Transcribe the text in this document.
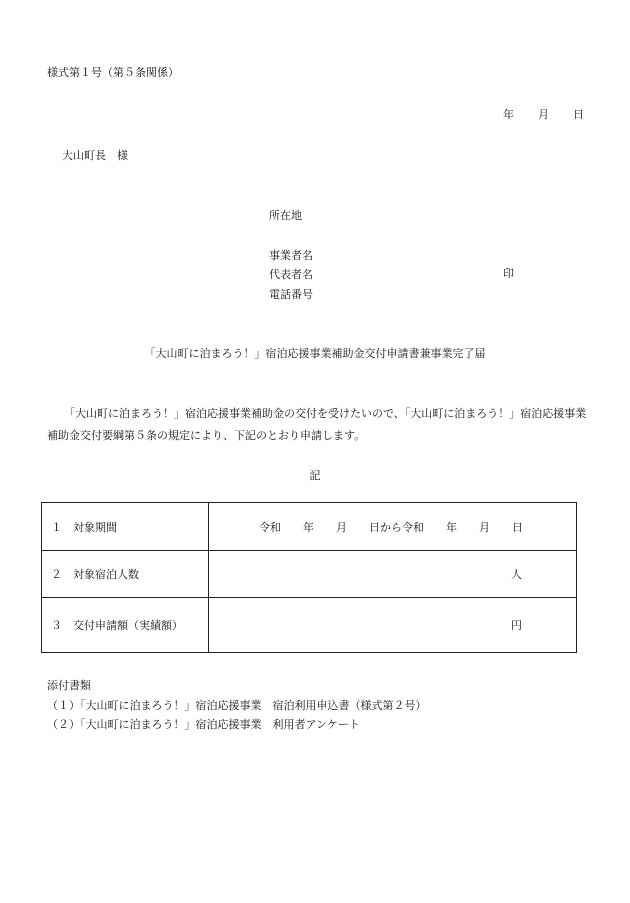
様式第１号（第５条関係）
年 月 日
大山町長　様
所在地
事業者名
代表者名
電話番号
印
「大山町に泊まろう！」宿泊応援事業補助金交付申請書兼事業完了届
「大山町に泊まろう！」宿泊応援事業補助金の交付を受けたいので、「大山町に泊まろう！」宿泊応援事業補助金交付要綱第５条の規定により、下記のとおり申請します。
記
１　対象期間	令和　　年　　月　　日から令和　　年　　月　　日

２　対象宿泊人数	人

３　交付申請額（実績額）	円
添付書類
（１）「大山町に泊まろう！」宿泊応援事業　宿泊利用申込書（様式第２号）
（２）「大山町に泊まろう！」宿泊応援事業　利用者アンケート
